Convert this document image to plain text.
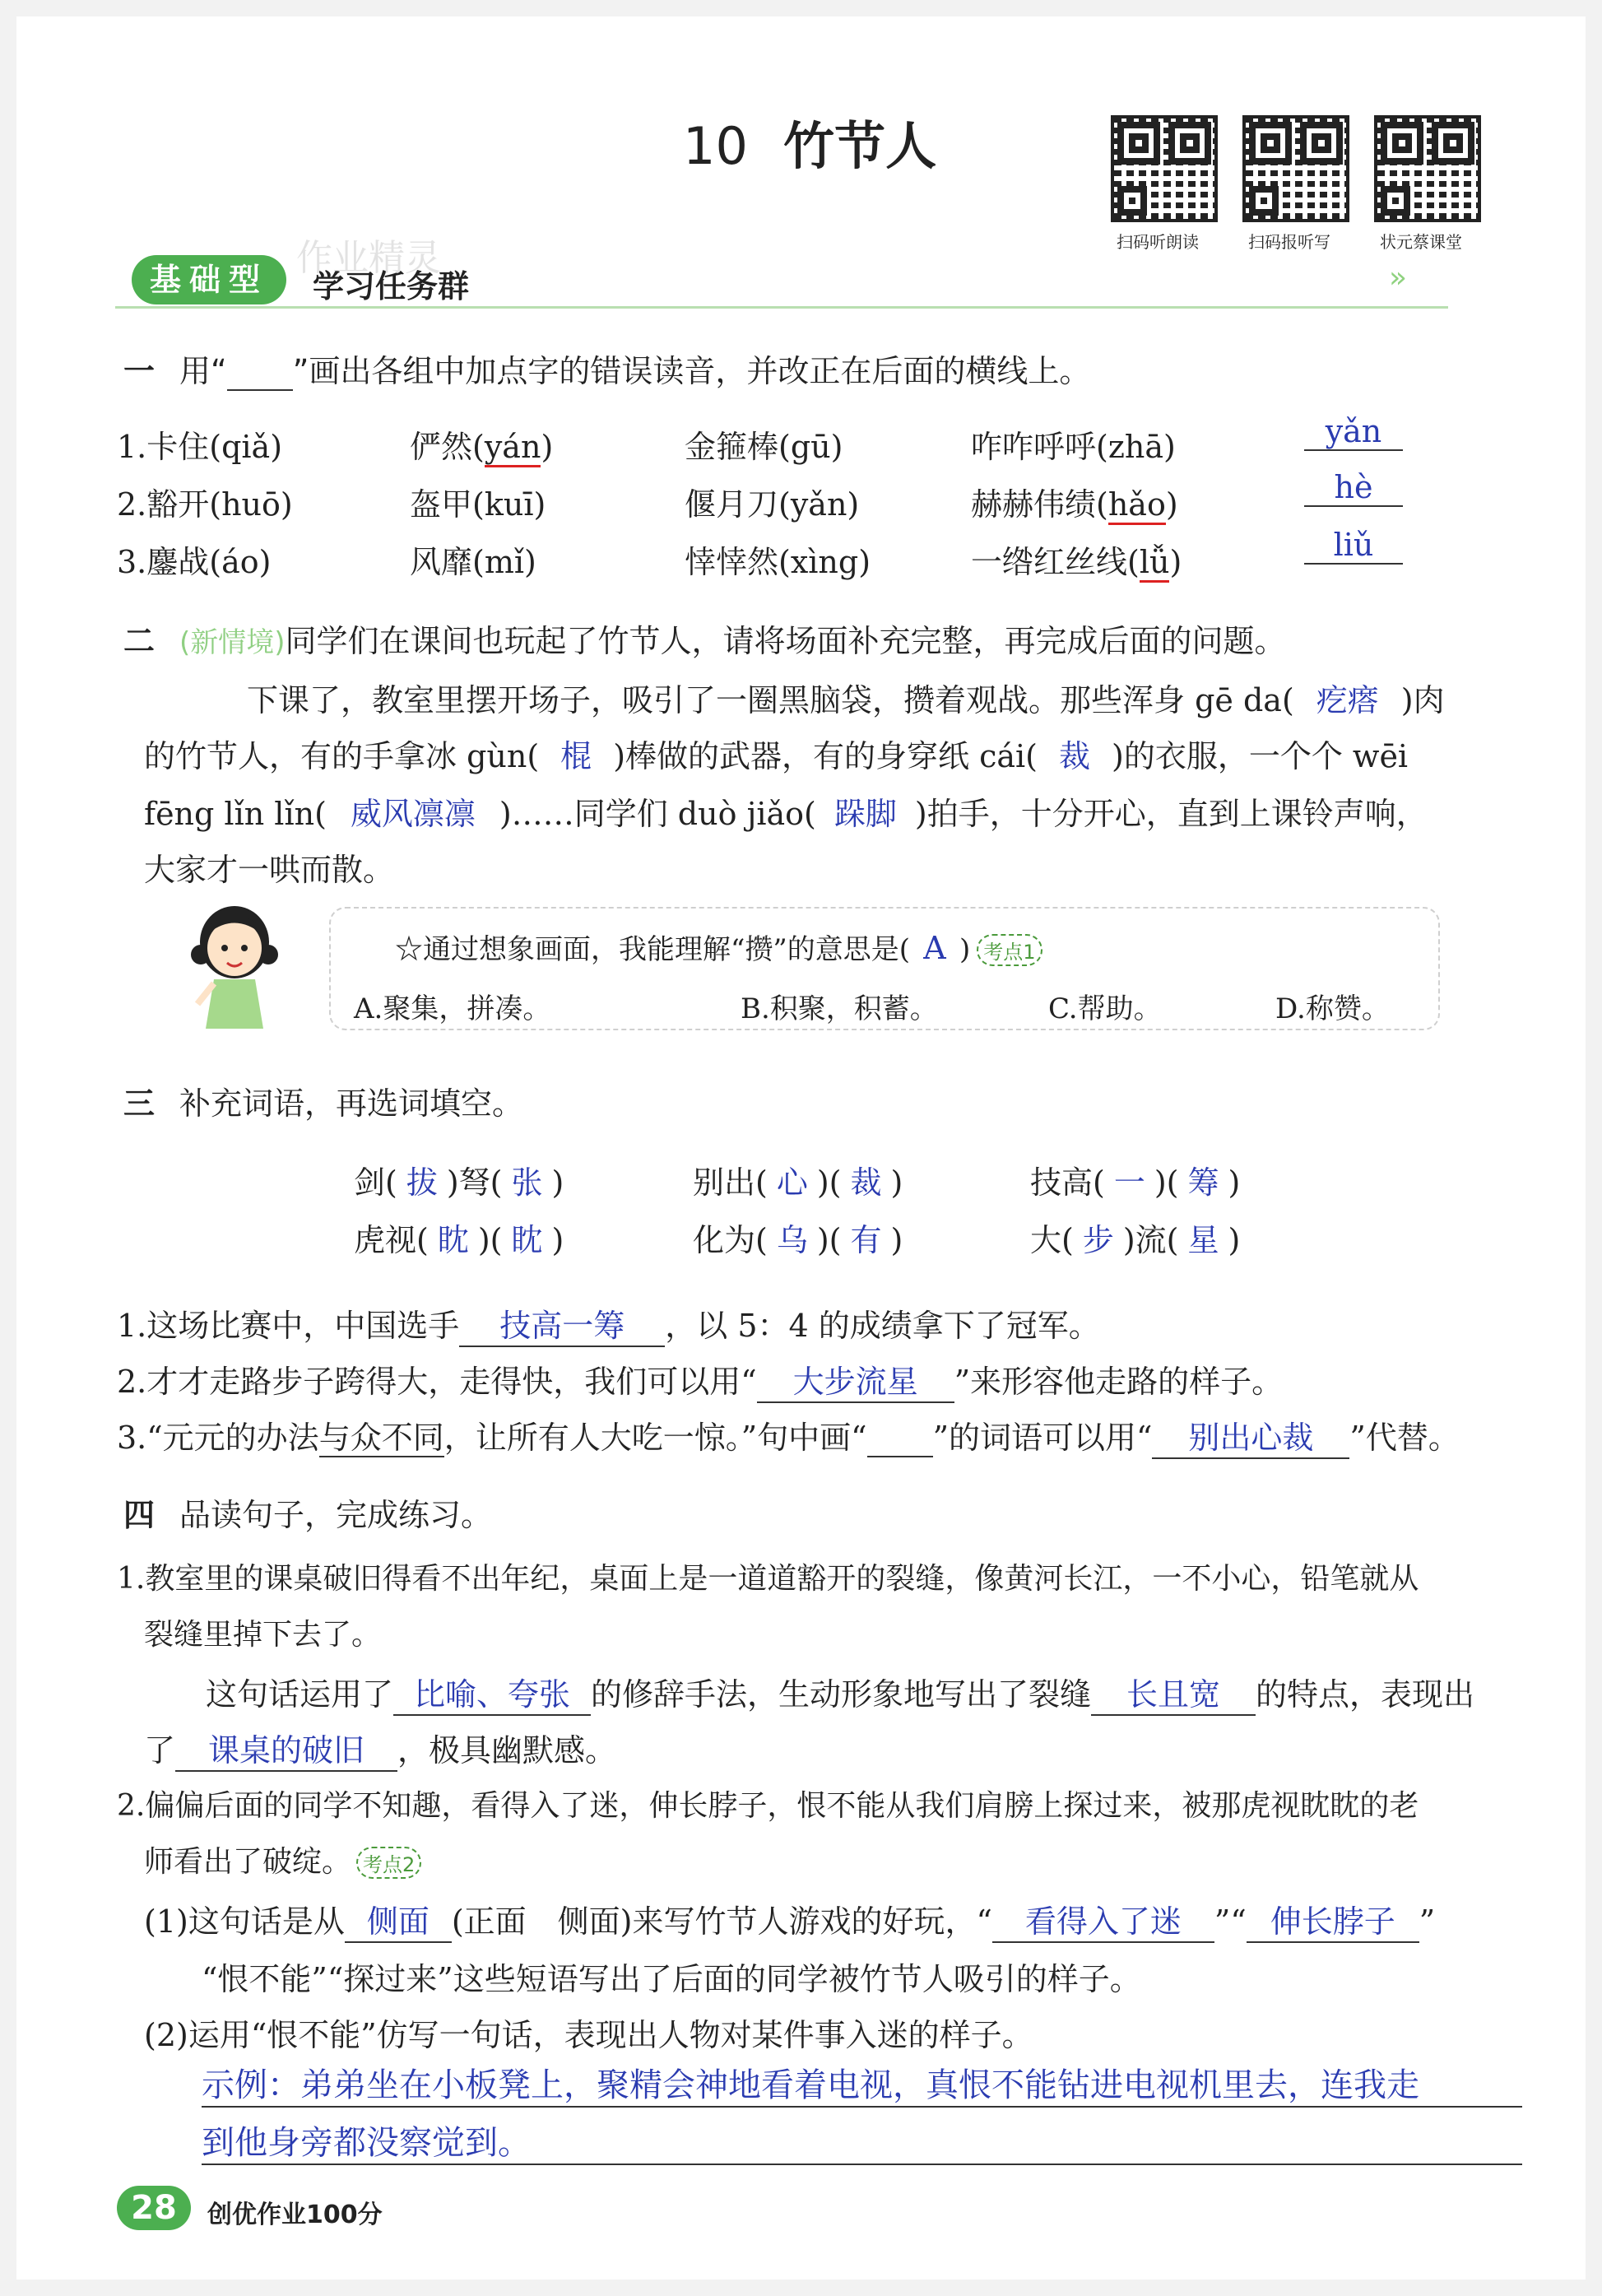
10 竹节人
扫码听朗读	扫码报听写	状元蔡课堂
基础型	学习任务群
作业精灵	»
一 用“ ”画出各组中加点字的错误读音，并改正在后面的横线上。
1.卡住(qiǎ)	俨然(yán)	金箍棒(gū)	咋咋呼呼(zhā)	yǎn
2.豁开(huō)	盔甲(kuī)	偃月刀(yǎn)	赫赫伟绩(hǎo)	hè
3.鏖战(áo)	风靡(mǐ)	悻悻然(xìng)	一绺红丝线(lǚ)	liǔ
二 (新情境)同学们在课间也玩起了竹节人，请将场面补充完整，再完成后面的问题。
下课了，教室里摆开场子，吸引了一圈黑脑袋，攒着观战。那些浑身 gē da( 疙瘩 )肉
的竹节人，有的手拿冰 gùn( 棍 )棒做的武器，有的身穿纸 cái( 裁 )的衣服，一个个 wēi
fēng lǐn lǐn( 威风凛凛 )……同学们 duò jiǎo( 跺脚 )拍手，十分开心，直到上课铃声响，
大家才一哄而散。
☆通过想象画面，我能理解“攒”的意思是( A ) 考点1
A.聚集，拼凑。	B.积聚，积蓄。	C.帮助。	D.称赞。
三 补充词语，再选词填空。
剑( 拔 )弩( 张 )	别出( 心 )( 裁 )	技高( 一 )( 筹 )
虎视( 眈 )( 眈 )	化为( 乌 )( 有 )	大( 步 )流( 星 )
1.这场比赛中，中国选手 技高一筹 ，以 5：4 的成绩拿下了冠军。
2.才才走路步子跨得大，走得快，我们可以用“ 大步流星 ”来形容他走路的样子。
3.“元元的办法与众不同，让所有人大吃一惊。”句中画“ ”的词语可以用“ 别出心裁 ”代替。
四 品读句子，完成练习。
1.教室里的课桌破旧得看不出年纪，桌面上是一道道豁开的裂缝，像黄河长江，一不小心，铅笔就从
裂缝里掉下去了。
这句话运用了 比喻、夸张 的修辞手法，生动形象地写出了裂缝 长且宽 的特点，表现出
了 课桌的破旧 ，极具幽默感。
2.偏偏后面的同学不知趣，看得入了迷，伸长脖子，恨不能从我们肩膀上探过来，被那虎视眈眈的老
师看出了破绽。 考点2
(1)这句话是从 侧面 (正面　侧面)来写竹节人游戏的好玩，“ 看得入了迷 ”“ 伸长脖子 ”
“恨不能”“探过来”这些短语写出了后面的同学被竹节人吸引的样子。
(2)运用“恨不能”仿写一句话，表现出人物对某件事入迷的样子。
示例：弟弟坐在小板凳上，聚精会神地看着电视，真恨不能钻进电视机里去，连我走
到他身旁都没察觉到。
28	创优作业100分
